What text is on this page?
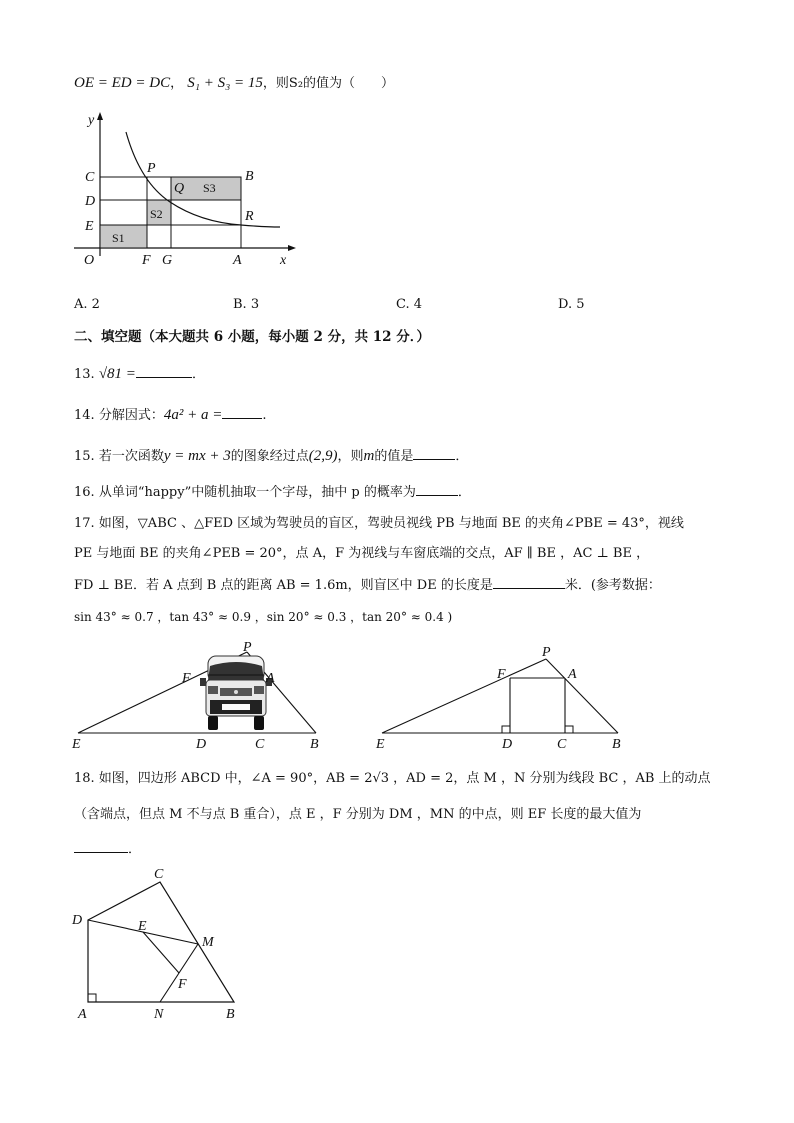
OE = ED = DC， S₁ + S₃ = 15，则S₂的值为（　　）
y
x
O
C
D
E
P
Q
B
R
F G	A
S1
S2
S3
A. 2	B. 3	C. 4	D. 5
二、填空题（本大题共 6 小题，每小题 2 分，共 12 分．）
13. √81 =	．
14. 分解因式：4a² + a =	.
15. 若一次函数y = mx + 3的图象经过点(2,9)，则m的值是	．
16. 从单词“happy”中随机抽取一个字母，抽中 p 的概率为	．
17. 如图，▽ABC 、△FED 区域为驾驶员的盲区，驾驶员视线 PB 与地面 BE 的夹角∠PBE = 43°，视线
PE 与地面 BE 的夹角∠PEB = 20°，点 A，F 为视线与车窗底端的交点，AF ∥ BE ，AC ⊥ BE ，
FD ⊥ BE．若 A 点到 B 点的距离 AB = 1.6m，则盲区中 DE 的长度是	米．(参考数据：
sin 43° ≈ 0.7 ，tan 43° ≈ 0.9 ，sin 20° ≈ 0.3 ，tan 20° ≈ 0.4 )
P
F	A
E	D	C	B
P
F	A
E	D	C	B
18. 如图，四边形 ABCD 中，∠A = 90°，AB = 2√3 ，AD = 2，点 M ，N 分别为线段 BC ，AB 上的动点
（含端点，但点 M 不与点 B 重合），点 E ，F 分别为 DM ，MN 的中点，则 EF 长度的最大值为
．
C
D	E
M
F
A	N	B
